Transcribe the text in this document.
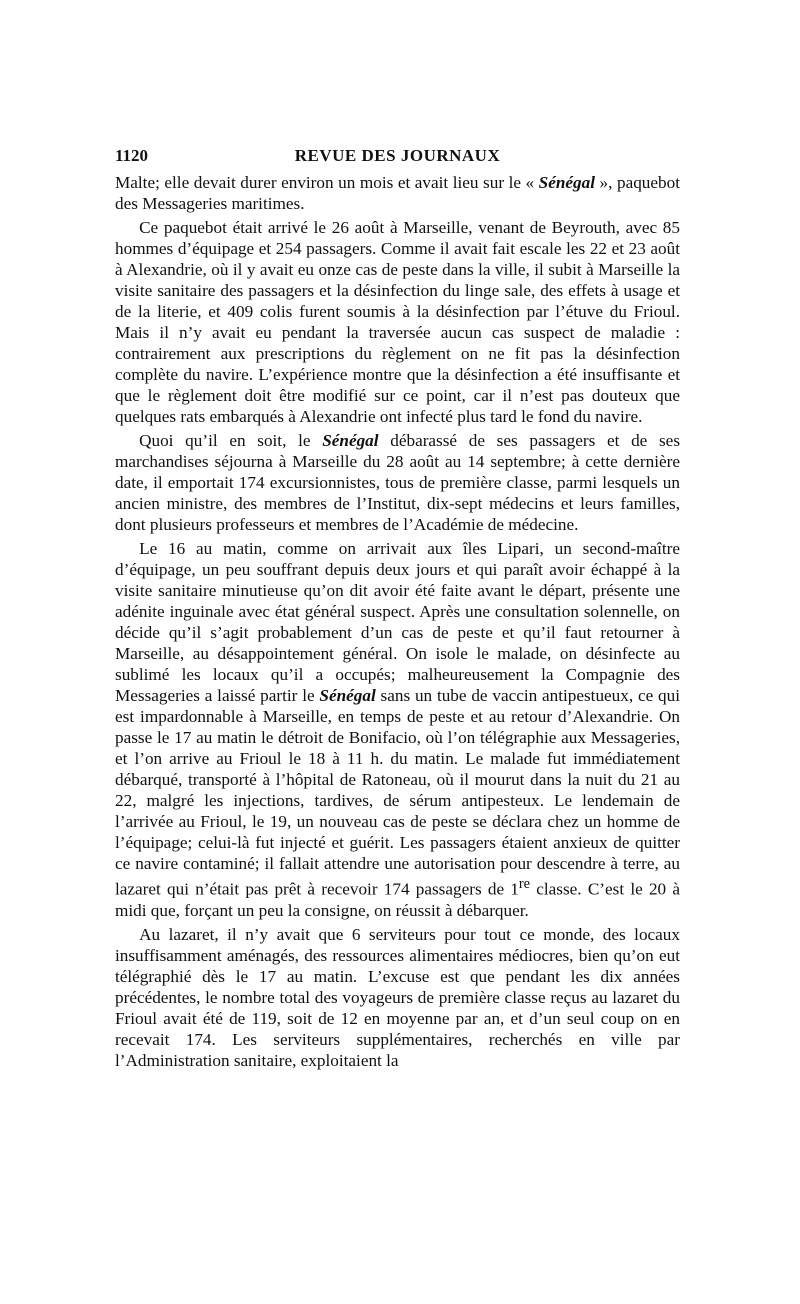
1120	REVUE DES JOURNAUX

Malte; elle devait durer environ un mois et avait lieu sur le « Sénégal », paquebot des Messageries maritimes.

Ce paquebot était arrivé le 26 août à Marseille, venant de Beyrouth, avec 85 hommes d’équipage et 254 passagers. Comme il avait fait escale les 22 et 23 août à Alexandrie, où il y avait eu onze cas de peste dans la ville, il subit à Marseille la visite sanitaire des passagers et la désinfection du linge sale, des effets à usage et de la literie, et 409 colis furent soumis à la désinfection par l’étuve du Frioul. Mais il n’y avait eu pendant la traversée aucun cas suspect de maladie : contrairement aux prescriptions du règlement on ne fit pas la désinfection complète du navire. L’expérience montre que la désinfection a été insuffisante et que le règlement doit être modifié sur ce point, car il n’est pas douteux que quelques rats embarqués à Alexandrie ont infecté plus tard le fond du navire.

Quoi qu’il en soit, le Sénégal débarassé de ses passagers et de ses marchandises séjourna à Marseille du 28 août au 14 septembre; à cette dernière date, il emportait 174 excursionnistes, tous de première classe, parmi lesquels un ancien ministre, des membres de l’Institut, dix-sept médecins et leurs familles, dont plusieurs professeurs et membres de l’Académie de médecine.

Le 16 au matin, comme on arrivait aux îles Lipari, un second-maître d’équipage, un peu souffrant depuis deux jours et qui paraît avoir échappé à la visite sanitaire minutieuse qu’on dit avoir été faite avant le départ, présente une adénite inguinale avec état général suspect. Après une consultation solennelle, on décide qu’il s’agit probablement d’un cas de peste et qu’il faut retourner à Marseille, au désappointement général. On isole le malade, on désinfecte au sublimé les locaux qu’il a occupés; malheureusement la Compagnie des Messageries a laissé partir le Sénégal sans un tube de vaccin antipestueux, ce qui est impardonnable à Marseille, en temps de peste et au retour d’Alexandrie. On passe le 17 au matin le détroit de Bonifacio, où l’on télégraphie aux Messageries, et l’on arrive au Frioul le 18 à 11 h. du matin. Le malade fut immédiatement débarqué, transporté à l’hôpital de Ratoneau, où il mourut dans la nuit du 21 au 22, malgré les injections, tardives, de sérum antipesteux. Le lendemain de l’arrivée au Frioul, le 19, un nouveau cas de peste se déclara chez un homme de l’équipage; celui-là fut injecté et guérit. Les passagers étaient anxieux de quitter ce navire contaminé; il fallait attendre une autorisation pour descendre à terre, au lazaret qui n’était pas prêt à recevoir 174 passagers de 1re classe. C’est le 20 à midi que, forçant un peu la consigne, on réussit à débarquer.

Au lazaret, il n’y avait que 6 serviteurs pour tout ce monde, des locaux insuffisamment aménagés, des ressources alimentaires médiocres, bien qu’on eut télégraphié dès le 17 au matin. L’excuse est que pendant les dix années précédentes, le nombre total des voyageurs de première classe reçus au lazaret du Frioul avait été de 119, soit de 12 en moyenne par an, et d’un seul coup on en recevait 174. Les serviteurs supplémentaires, recherchés en ville par l’Administration sanitaire, exploitaient la
